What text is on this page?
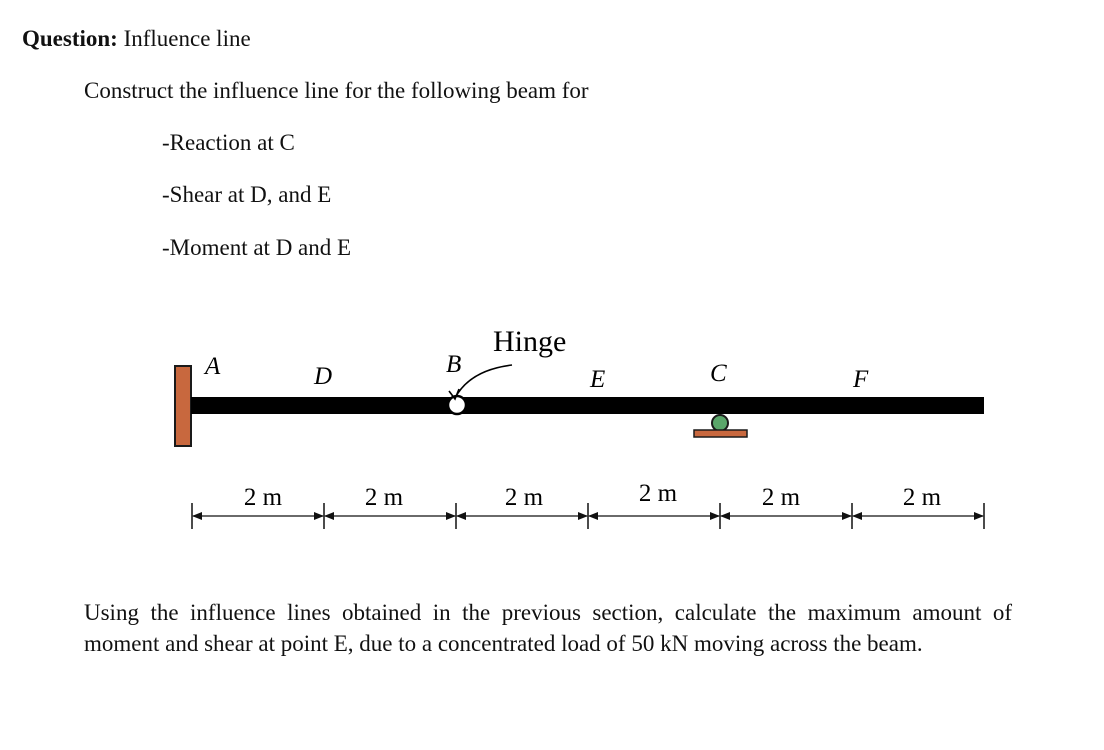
Question: Influence line
Construct the influence line for the following beam for
-Reaction at C
-Shear at D, and E
-Moment at D and E
A	D	B
E	C	F
Hinge
2 m	2 m	2 m	2 m	2 m	2 m
Using the influence lines obtained in the previous section, calculate the maximum amount of moment and shear at point E, due to a concentrated load of 50 kN moving across the beam.
